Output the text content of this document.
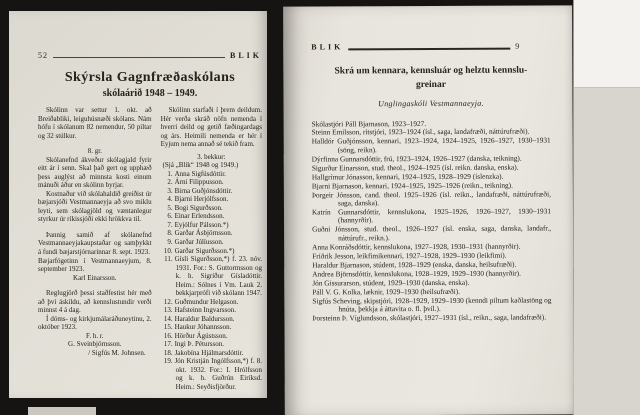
52	BLIK
Skýrsla Gagnfræðaskólans
skólaárið 1948 – 1949.

Skólinn var settur 1. okt. að Breiðabliki, leiguhúsnæði skólans. Nám hófu í skólanum 82 nemendur, 50 piltar og 32 stúlkur.

8. gr.

Skólanefnd ákveður skólagjald fyrir eitt ár í senn. Skal það gert og upphæð þess auglýst að minnsta kosti einum mánuði áður en skólinn byrjar.

Kostnaður við skólahaldið greiðist úr bæjarsjóði Vestmannaeyja að svo miklu leyti, sem skólagjöld og væntanlegur styrkur úr ríkissjóði ekki hrökkva til.

Þannig samið af skólanefnd Vestmannaeyjakaupstaðar og samþykkt á fundi bæjarstjórnarinnar 8. sept. 1923.

Bæjarfógetinn í Vestmannaeyjum, 8. september 1923.

Karl Einarsson.

Reglugjörð þessi staðfestist hér með að því áskildu, að kennslustundir verði minnst 4 á dag.

Í dóms- og kirkjumálaráðuneytinu, 2. október 1923.

F. h. r.

G. Sveinbjörnsson.

/ Sigfús M. Johnsen.

Skólinn starfaði í þrem deildum. Hér verða skráð nöfn nemenda í hverri deild og getið fæðingardags og árs. Heimili nemenda er hér í Eyjum nema annað sé tekið fram.

3. bekkur:
(Sjá „Blik“ 1948 og 1949.)

1. Anna Sigfúsdóttir.

2. Árni Filippusson.

3. Birna Guðjónsdóttir.

4. Bjarni Herjólfsson.

5. Bogi Sigurðsson.

6. Einar Erlendsson.

7. Eyjólfur Pálsson.*)

8. Garðar Ásbjörnsson.

9. Garðar Júlíusson.

10. Garðar Sigurðsson.*)

11. Gísli Sigurðsson,*) f. 23. nóv. 1931. For.: S. Guttormsson og k. h. Sigríður Gísladóttir. Heim.: Sólnes í Vm. Lauk 2. bekkjarprófi við skólann 1947.

12. Guðmundur Helgason.

13. Hafsteinn Ingvarsson.

14. Haraldur Baldursson.

15. Haukur Jóhannsson.

16. Hörður Ágústsson.

17. Ingi Þ. Pétursson.

18. Jakobína Hjálmarsdóttir.

19. Jón Kristján Ingólfsson,*) f. 8. okt. 1932. For.: I. Hrólfsson og k. h. Guðrún Eiríksd. Heim.: Seyðisfjörður.

BLIK	9
Skrá um kennara, kennsluár og helztu kennslu-
greinar
Unglingaskóli Vestmannaeyja.

Skólastjóri Páll Bjarnason, 1923–1927.

Steinn Emilsson, ritstjóri, 1923–1924 (ísl., saga, landafræði, náttúrufræði).

Halldór Guðjónsson, kennari, 1923–1924, 1924–1925, 1926–1927, 1930–1931 (söng, reikn).

Dýrfinna Gunnarsdóttir, frú, 1923–1924, 1926–1927 (danska, teikning).

Sigurður Einarsson, stud. theol., 1924–1925 (ísl. reikn. danska, enska).

Hallgrímur Jónasson, kennari, 1924–1925, 1928–1929 (íslenzka).

Bjarni Bjarnason, kennari, 1924–1925, 1925–1926 (reikn., teikning).

Þorgeir Jónsson, cand. theol. 1925–1926 (ísl. reikn., landafræði, náttúrufræði, saga, danska).

Katrín Gunnarsdóttir, kennslukona, 1925–1926, 1926–1927, 1930–1931 (hannyrðir).

Guðni Jónsson, stud. theol., 1926–1927 (ísl. enska, saga, danska, landafr., náttúrufr., reikn.).

Anna Konráðsdóttir, kennslukona, 1927–1928, 1930–1931 (hannyrðir).

Friðrik Jesson, leikfimikennari, 1927–1928, 1929–1930 (leikfimi).

Haraldur Bjarnason, stúdent, 1928–1929 (enska, danska, heilsufræði).

Andrea Björnsdóttir, kennslukona, 1928–1929, 1929–1930 (hannyrðir).

Jón Gissurarson, stúdent, 1929–1930 (danska, enska).

Páll V. G. Kolka, læknir, 1929–1930 (heilsufræði).

Sigfús Scheving, skipstjóri, 1928–1929, 1929–1930 (kenndi piltum kaðlastöng og hnúta, þekkja á áttavita o. fl. þvíl.).

Þorsteinn Þ. Víglundsson, skólastjóri, 1927–1931 (ísl., reikn., saga, landafræði).
